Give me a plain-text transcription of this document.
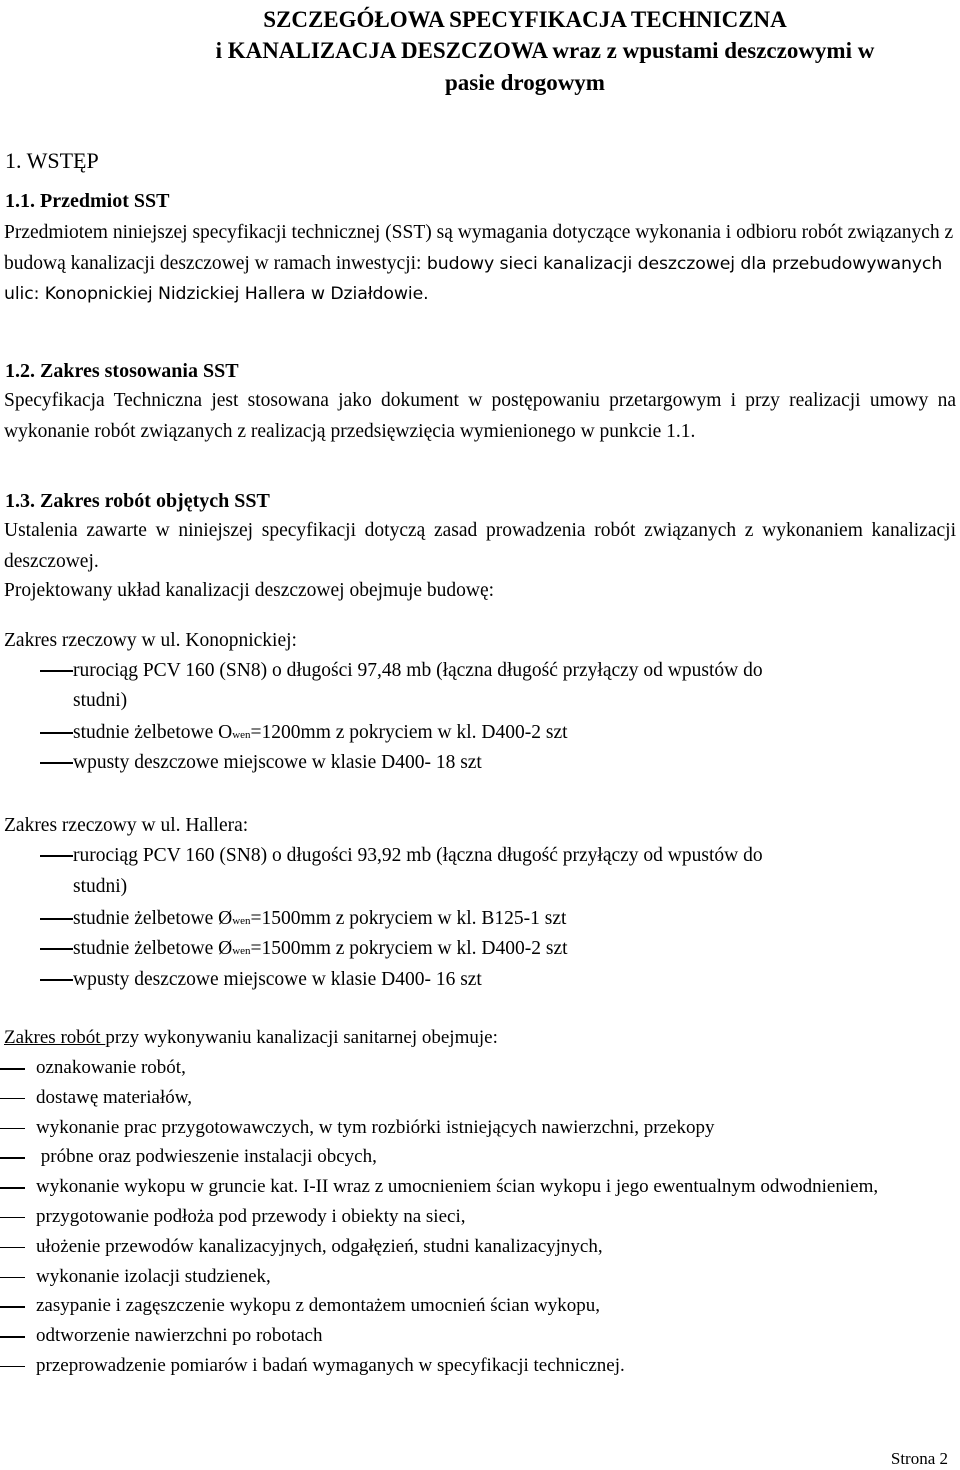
SZCZEGÓŁOWA SPECYFIKACJA TECHNICZNA
i KANALIZACJA DESZCZOWA wraz z wpustami deszczowymi w
pasie drogowym
1. WSTĘP
1.1. Przedmiot SST
Przedmiotem niniejszej specyfikacji technicznej (SST) są wymagania dotyczące wykonania i odbioru robót związanych z budową kanalizacji deszczowej w ramach inwestycji: budowy sieci kanalizacji deszczowej dla przebudowywanych ulic: Konopnickiej Nidzickiej Hallera w Działdowie.
1.2. Zakres stosowania SST
Specyfikacja Techniczna jest stosowana jako dokument w postępowaniu przetargowym i przy realizacji umowy na wykonanie robót związanych z realizacją przedsięwzięcia wymienionego w punkcie 1.1.
1.3. Zakres robót objętych SST
Ustalenia zawarte w niniejszej specyfikacji dotyczą zasad prowadzenia robót związanych z wykonaniem kanalizacji deszczowej.
Projektowany układ kanalizacji deszczowej obejmuje budowę:
Zakres rzeczowy w ul. Konopnickiej:
rurociąg PCV 160 (SN8) o długości 97,48 mb (łączna długość przyłączy od wpustów do
studni)
studnie żelbetowe Owen=1200mm z pokryciem w kl. D400-2 szt
wpusty deszczowe miejscowe w klasie D400- 18 szt
Zakres rzeczowy w ul. Hallera:
rurociąg PCV 160 (SN8) o długości 93,92 mb (łączna długość przyłączy od wpustów do
studni)
studnie żelbetowe Øwen=1500mm z pokryciem w kl. B125-1 szt
studnie żelbetowe Øwen=1500mm z pokryciem w kl. D400-2 szt
wpusty deszczowe miejscowe w klasie D400- 16 szt
Zakres robót przy wykonywaniu kanalizacji sanitarnej obejmuje:
oznakowanie robót,
dostawę materiałów,
wykonanie prac przygotowawczych, w tym rozbiórki istniejących nawierzchni, przekopy
próbne oraz podwieszenie instalacji obcych,
wykonanie wykopu w gruncie kat. I-II wraz z umocnieniem ścian wykopu i jego ewentualnym odwodnieniem,
przygotowanie podłoża pod przewody i obiekty na sieci,
ułożenie przewodów kanalizacyjnych, odgałęzień, studni kanalizacyjnych,
wykonanie izolacji studzienek,
zasypanie i zagęszczenie wykopu z demontażem umocnień ścian wykopu,
odtworzenie nawierzchni po robotach
przeprowadzenie pomiarów i badań wymaganych w specyfikacji technicznej.
Strona 2
